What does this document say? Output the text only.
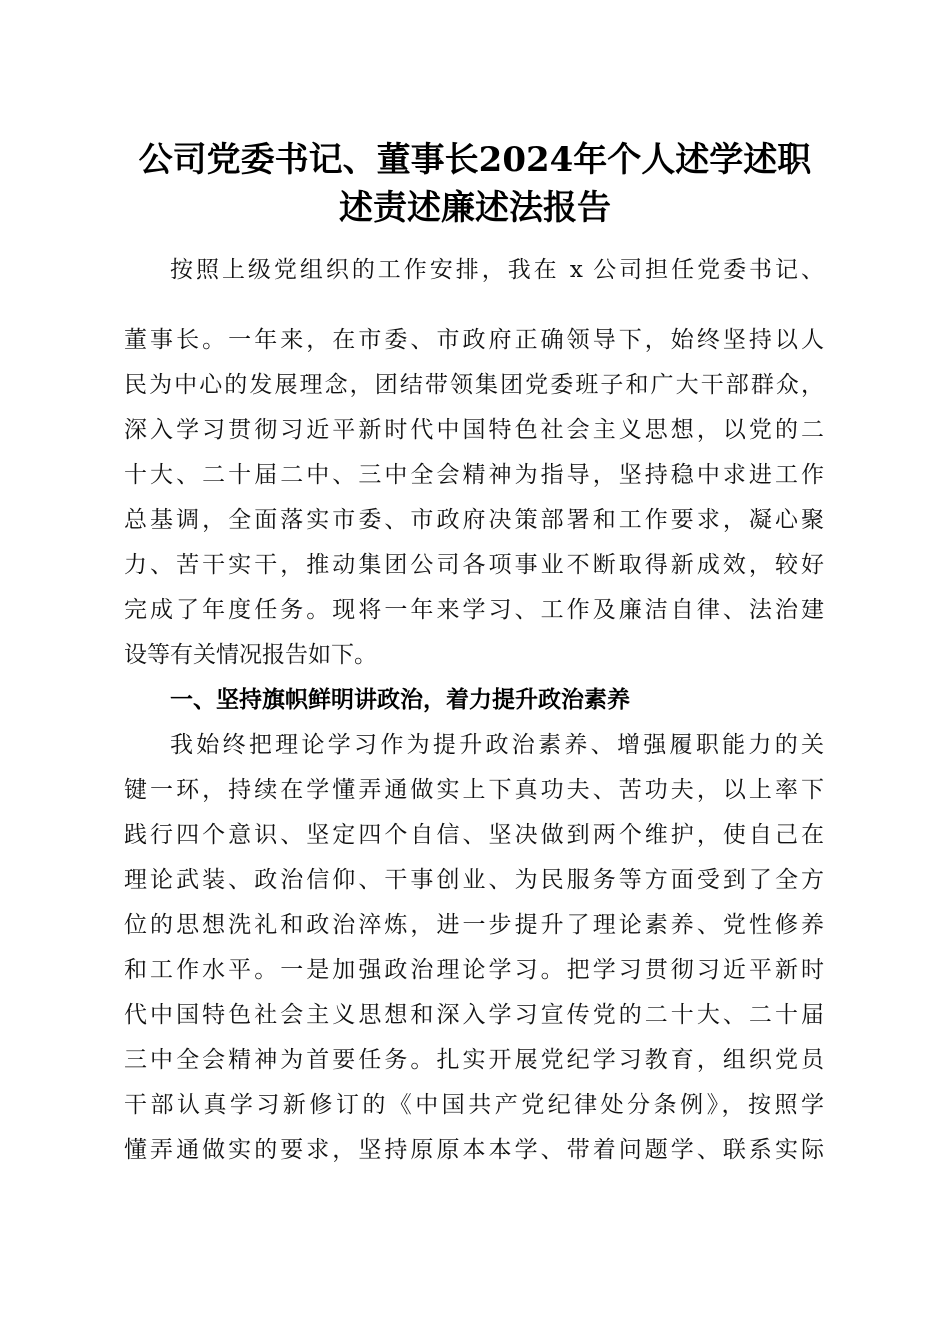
公司党委书记、董事长2024年个人述学述职
述责述廉述法报告
按照上级党组织的工作安排，我在 x 公司担任党委书记、
董事长。一年来，在市委、市政府正确领导下，始终坚持以人
民为中心的发展理念，团结带领集团党委班子和广大干部群众，
深入学习贯彻习近平新时代中国特色社会主义思想，以党的二
十大、二十届二中、三中全会精神为指导，坚持稳中求进工作
总基调，全面落实市委、市政府决策部署和工作要求，凝心聚
力、苦干实干，推动集团公司各项事业不断取得新成效，较好
完成了年度任务。现将一年来学习、工作及廉洁自律、法治建
设等有关情况报告如下。
一、坚持旗帜鲜明讲政治，着力提升政治素养
我始终把理论学习作为提升政治素养、增强履职能力的关
键一环，持续在学懂弄通做实上下真功夫、苦功夫，以上率下
践行四个意识、坚定四个自信、坚决做到两个维护，使自己在
理论武装、政治信仰、干事创业、为民服务等方面受到了全方
位的思想洗礼和政治淬炼，进一步提升了理论素养、党性修养
和工作水平。一是加强政治理论学习。把学习贯彻习近平新时
代中国特色社会主义思想和深入学习宣传党的二十大、二十届
三中全会精神为首要任务。扎实开展党纪学习教育，组织党员
干部认真学习新修订的《中国共产党纪律处分条例》，按照学
懂弄通做实的要求，坚持原原本本学、带着问题学、联系实际
